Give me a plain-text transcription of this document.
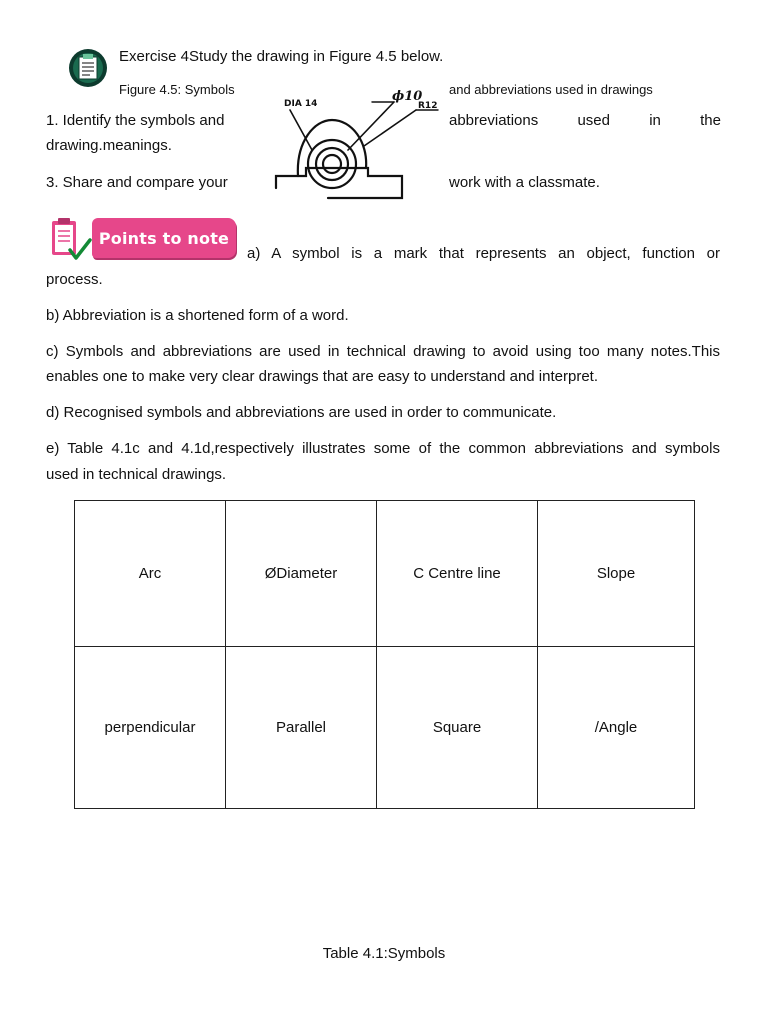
Exercise 4Study the drawing in Figure 4.5 below.
Figure 4.5: Symbols	and abbreviations used in drawings
1. Identify the symbols and	abbreviations	used	in	the
drawing.meanings.
3. Share and compare your	work with a classmate.
DIA 14	ϕ10
R12
Points to note
a) A symbol is a mark that represents an object, function or
process.
b) Abbreviation is a shortened form of a word.
c) Symbols and abbreviations are used in technical drawing to avoid using too many notes.This
enables one to make very clear drawings that are easy to understand and interpret.
d) Recognised symbols and abbreviations are used in order to communicate.
e) Table 4.1c and 4.1d,respectively illustrates some of the common abbreviations and symbols
used in technical drawings.
Arc	ØDiameter	C Centre line	Slope
perpendicular	Parallel	Square	/Angle
Table 4.1:Symbols
